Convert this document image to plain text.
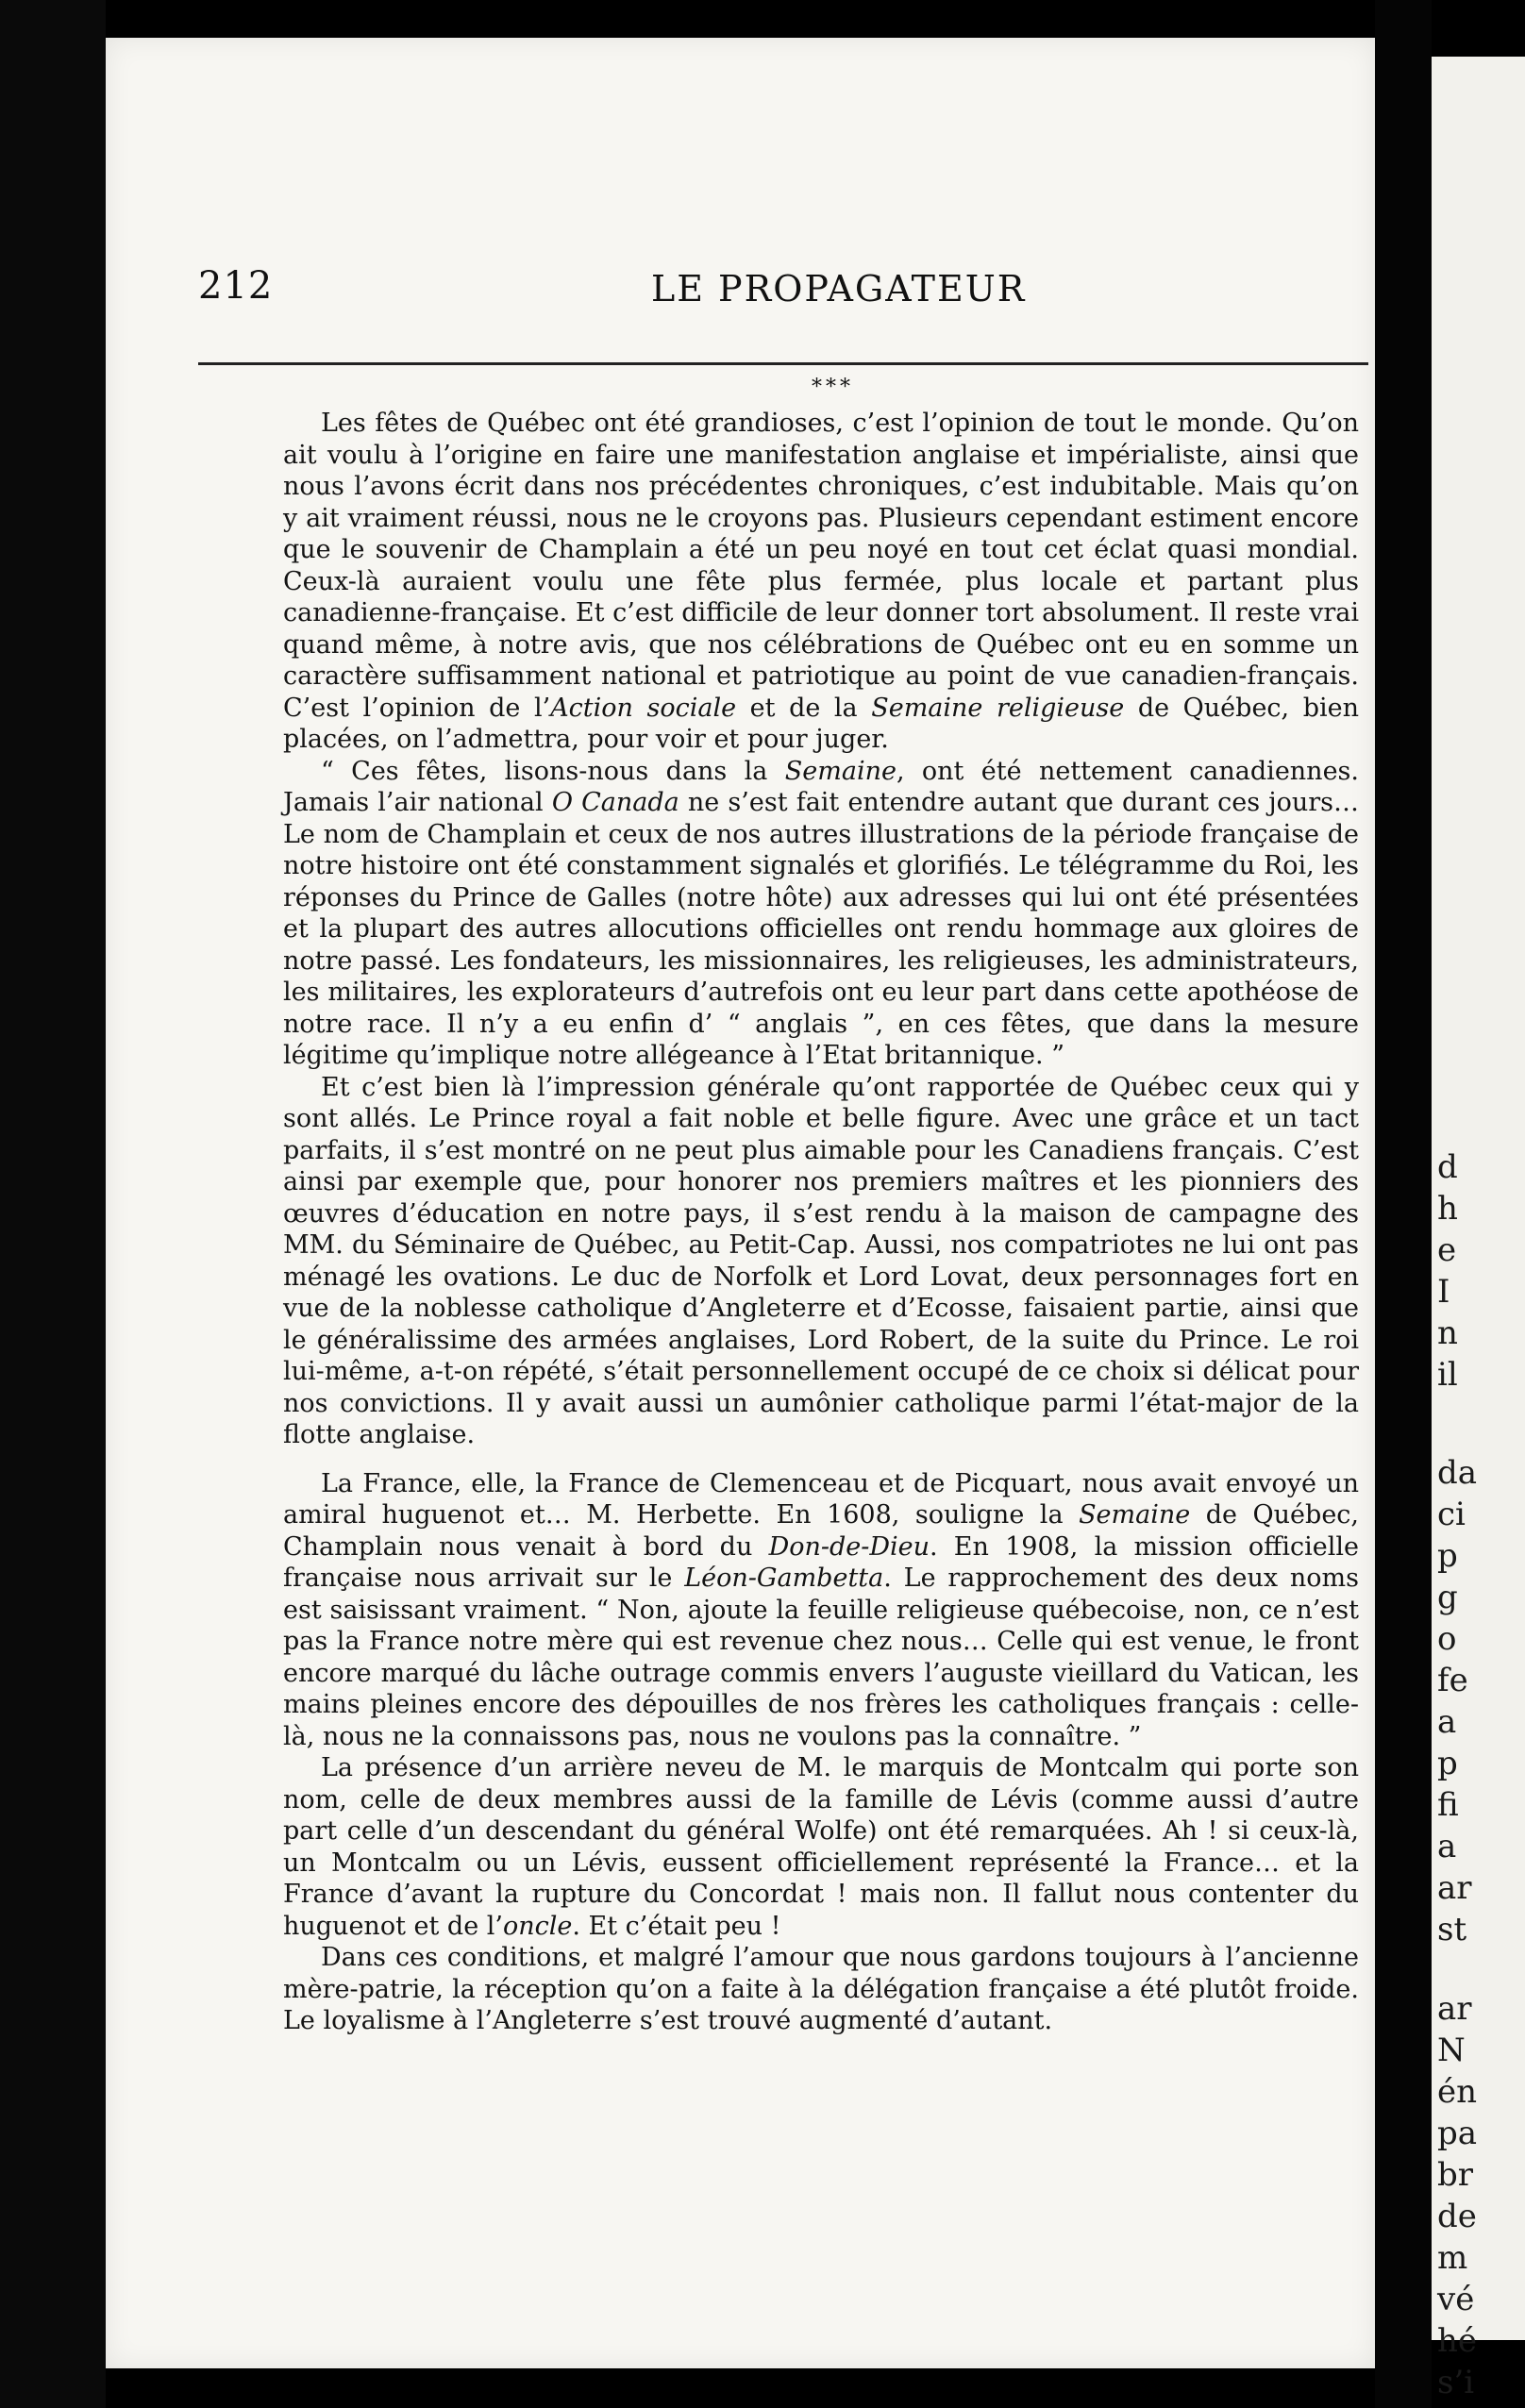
212	LE PROPAGATEUR
***

Les fêtes de Québec ont été grandioses, c’est l’opinion de tout le monde. Qu’on ait voulu à l’origine en faire une manifestation anglaise et impérialiste, ainsi que nous l’avons écrit dans nos précédentes chroniques, c’est indubitable. Mais qu’on y ait vraiment réussi, nous ne le croyons pas. Plusieurs cependant estiment encore que le souvenir de Champlain a été un peu noyé en tout cet éclat quasi mondial. Ceux-là auraient voulu une fête plus fermée, plus locale et partant plus canadienne-française. Et c’est difficile de leur donner tort absolument. Il reste vrai quand même, à notre avis, que nos célébrations de Québec ont eu en somme un caractère suffisamment national et patriotique au point de vue canadien-français. C’est l’opinion de l’Action sociale et de la Semaine religieuse de Québec, bien placées, on l’admettra, pour voir et pour juger.

“ Ces fêtes, lisons-nous dans la Semaine, ont été nettement canadiennes. Jamais l’air national O Canada ne s’est fait entendre autant que durant ces jours… Le nom de Champlain et ceux de nos autres illustrations de la période française de notre histoire ont été constamment signalés et glorifiés. Le télégramme du Roi, les réponses du Prince de Galles (notre hôte) aux adresses qui lui ont été présentées et la plupart des autres allocutions officielles ont rendu hommage aux gloires de notre passé. Les fondateurs, les missionnaires, les religieuses, les administrateurs, les militaires, les explorateurs d’autrefois ont eu leur part dans cette apothéose de notre race. Il n’y a eu enfin d’ “ anglais ”, en ces fêtes, que dans la mesure légitime qu’implique notre allégeance à l’Etat britannique. ”

Et c’est bien là l’impression générale qu’ont rapportée de Québec ceux qui y sont allés. Le Prince royal a fait noble et belle figure. Avec une grâce et un tact parfaits, il s’est montré on ne peut plus aimable pour les Canadiens français. C’est ainsi par exemple que, pour honorer nos premiers maîtres et les pionniers des œuvres d’éducation en notre pays, il s’est rendu à la maison de campagne des MM. du Séminaire de Québec, au Petit-Cap. Aussi, nos compatriotes ne lui ont pas ménagé les ovations. Le duc de Norfolk et Lord Lovat, deux personnages fort en vue de la noblesse catholique d’Angleterre et d’Ecosse, faisaient partie, ainsi que le généralissime des armées anglaises, Lord Robert, de la suite du Prince. Le roi lui-même, a-t-on répété, s’était personnellement occupé de ce choix si délicat pour nos convictions. Il y avait aussi un aumônier catholique parmi l’état-major de la flotte anglaise.

La France, elle, la France de Clemenceau et de Picquart, nous avait envoyé un amiral huguenot et… M. Herbette. En 1608, souligne la Semaine de Québec, Champlain nous venait à bord du Don-de-Dieu. En 1908, la mission officielle française nous arrivait sur le Léon-Gambetta. Le rapprochement des deux noms est saisissant vraiment. “ Non, ajoute la feuille religieuse québecoise, non, ce n’est pas la France notre mère qui est revenue chez nous… Celle qui est venue, le front encore marqué du lâche outrage commis envers l’auguste vieillard du Vatican, les mains pleines encore des dépouilles de nos frères les catholiques français : celle-là, nous ne la connaissons pas, nous ne voulons pas la connaître. ”

La présence d’un arrière neveu de M. le marquis de Montcalm qui porte son nom, celle de deux membres aussi de la famille de Lévis (comme aussi d’autre part celle d’un descendant du général Wolfe) ont été remarquées. Ah ! si ceux-là, un Montcalm ou un Lévis, eussent officiellement représenté la France… et la France d’avant la rupture du Concordat ! mais non. Il fallut nous contenter du huguenot et de l’oncle. Et c’était peu !

Dans ces conditions, et malgré l’amour que nous gardons toujours à l’ancienne mère-patrie, la réception qu’on a faite à la délégation française a été plutôt froide. Le loyalisme à l’Angleterre s’est trouvé augmenté d’autant.

d
h
e
I
n
il
da
ci
p
g
o
fe
a
p
fi
a
ar
st
ar
N
én
pa
br
de
m
vé
hé
s’i
